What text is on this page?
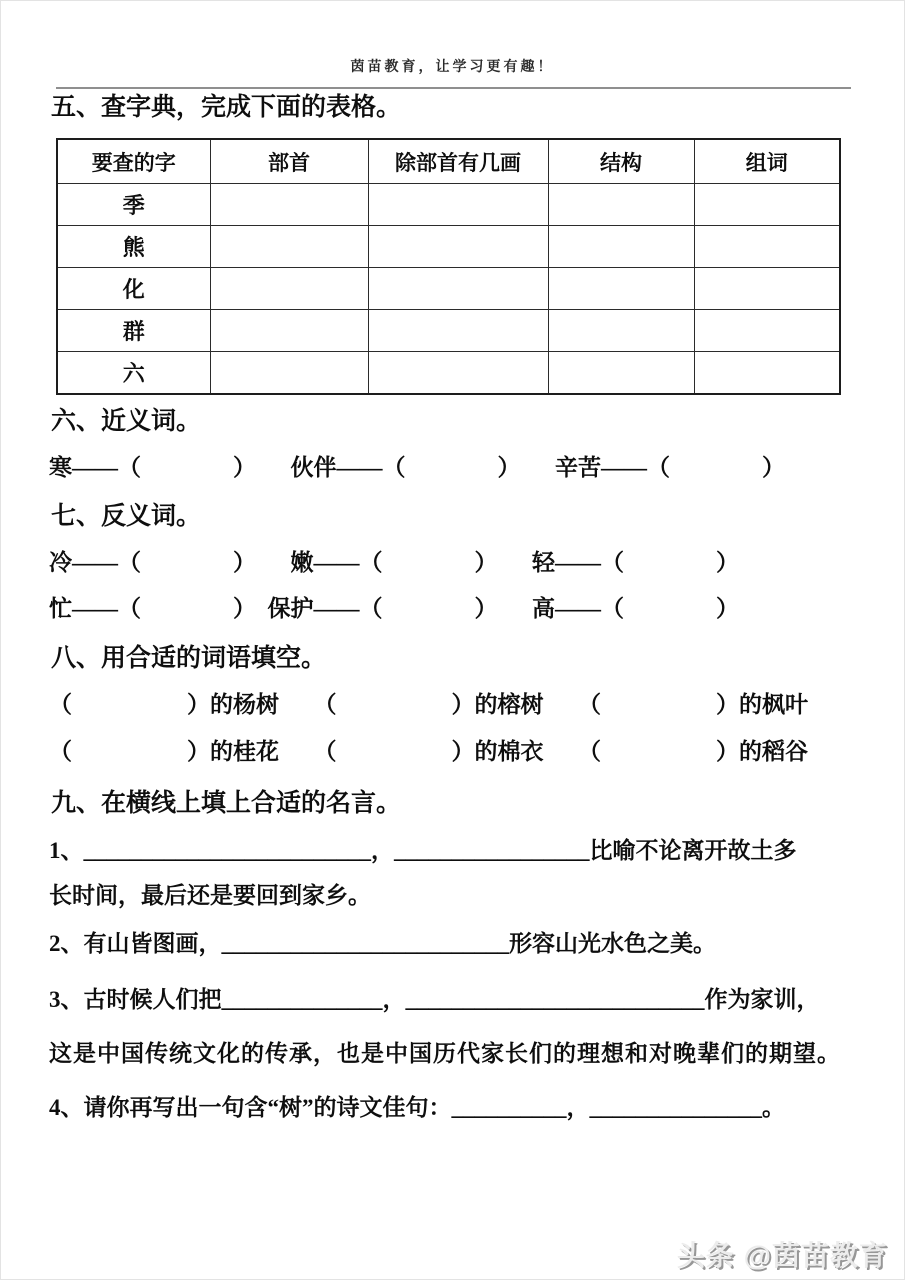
茵苗教育，让学习更有趣！
五、查字典，完成下面的表格。
要查的字	部首	除部首有几画	结构	组词
季				
熊				
化				
群				
六				
六、近义词。
寒——（　　　　）　　伙伴——（　　　　）　　辛苦——（　　　　）
七、反义词。
冷——（　　　　）　　嫩——（　　　　）　　轻——（　　　　）
忙——（　　　　）　保护——（　　　　）　　高——（　　　　）
八、用合适的词语填空。
（　　　　　）的杨树　　（　　　　　）的榕树　　（　　　　　）的枫叶
（　　　　　）的桂花　　（　　　　　）的棉衣　　（　　　　　）的稻谷
九、在横线上填上合适的名言。
1、_________________________，_________________比喻不论离开故土多
长时间，最后还是要回到家乡。
2、有山皆图画，_________________________形容山光水色之美。
3、古时候人们把______________，__________________________作为家训，
这是中国传统文化的传承，也是中国历代家长们的理想和对晚辈们的期望。
4、请你再写出一句含“树”的诗文佳句：__________，_______________。
头条 @茵苗教育
